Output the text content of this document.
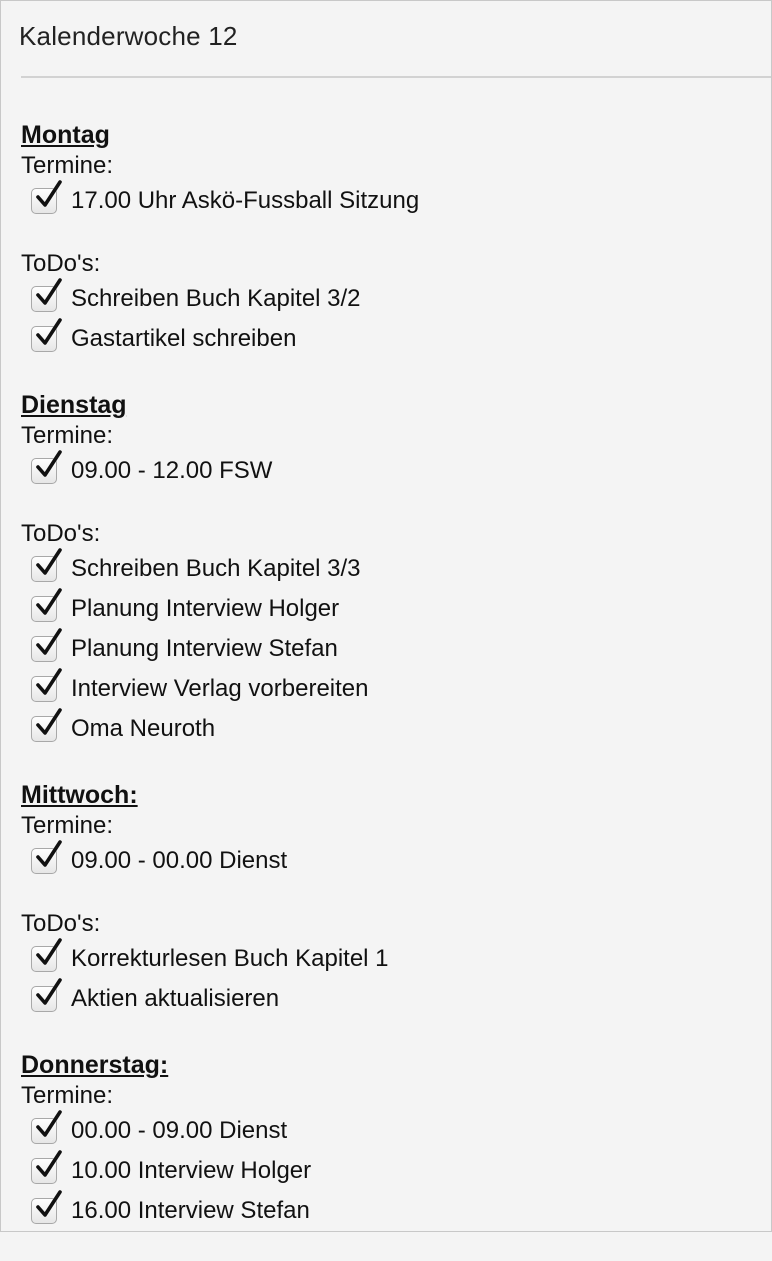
Kalenderwoche 12
Montag
Termine:
17.00 Uhr Askö-Fussball Sitzung
ToDo's:
Schreiben Buch Kapitel 3/2
Gastartikel schreiben
Dienstag
Termine:
09.00 - 12.00 FSW
ToDo's:
Schreiben Buch Kapitel 3/3
Planung Interview Holger
Planung Interview Stefan
Interview Verlag vorbereiten
Oma Neuroth
Mittwoch:
Termine:
09.00 - 00.00 Dienst
ToDo's:
Korrekturlesen Buch Kapitel 1
Aktien aktualisieren
Donnerstag:
Termine:
00.00 - 09.00 Dienst
10.00 Interview Holger
16.00 Interview Stefan
